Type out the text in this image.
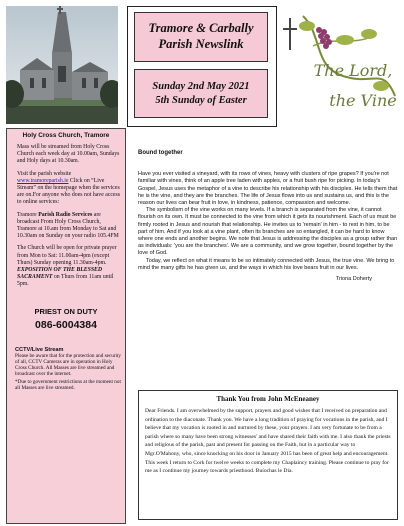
Tramore & Carbally
Parish Newslink
Sunday 2nd May 2021
5th Sunday of Easter
The Lord,
the Vine
Holy Cross Church, Tramore

Mass will be streamed from Holy Cross Church each week day at 10.00am, Sundays and Holy days at 10.30am.

Visit the parish website www.tramoreparish.ie Click on “Live Stream” on the homepage when the services are on.For anyone who does not have access to online services:

Tramore Parish Radio Services are broadcast From Holy Cross Church, Tramore at 10.am from Monday to Sat and 10.30am on Sunday on your radio 105.4FM

The Church will be open for private prayer from Mon to Sat: 11.00am-4pm (except Thurs) Sunday opening 11.30am-4pm. EXPOSITION OF THE BLESSED SACRAMENT on Thurs from 11am until 5pm.

PRIEST ON DUTY
086-6004384
CCTV/Live Stream

Please be aware that for the protection and security of all, CCTV Cameras are in operation in Holy Cross Church. All Masses are live streamed and broadcast over the internet.

*Due to government restrictions at the moment not all Masses are live streamed.

Bound together

Have you ever visited a vineyard, with its rows of vines, heavy with clusters of ripe grapes? If you're not familiar with vines, think of an apple tree laden with apples, or a fruit bush ripe for picking. In today's Gospel, Jesus uses the metaphor of a vine to describe his relationship with his disciples. He tells them that he is the vine, and they are the branches. The life of Jesus flows into us and sustains us, and this is the reason our lives can bear fruit in love, in kindness, patience, compassion and welcome.

The symbolism of the vine works on many levels. If a branch is separated from the vine, it cannot flourish on its own. It must be connected to the vine from which it gets its nourishment. Each of us must be firmly rooted in Jesus and nourish that relationship. He invites us to 'remain' in him - to rest in him, to be part of him. And if you look at a vine plant, often its branches are so entangled, it can be hard to know where one ends and another begins. We note that Jesus is addressing the disciples as a group rather than as individuals: 'you are the branches'. We are a community, and we grow together, bound together by the love of God.

Today, we reflect on what it means to be so intimately connected with Jesus, the true vine. We bring to mind the many gifts he has given us, and the ways in which his love bears fruit in our lives.

Triona Doherty
Thank You from John McEneaney
Dear Friends. I am overwhelmed by the support, prayers and good wishes that I received on preparation and ordination to the diaconate. Thank you. We have a long tradition of praying for vocations in the parish, and I believe that my vocation is rooted in and nurtured by these, your prayers. I am very fortunate to be from a parish where so many have been strong witnesses' and have shared their faith with me. I also thank the priests and religious of the parish, past and present for passing on the Faith, but in a particular way to Mgr.O'Mahony, who, since knocking on his door in January 2015 has been of great help and encouragement. This week I return to Cork for twelve weeks to complete my Chaplaincy training. Please continue to pray for me as I continue my journey towards priesthood. Buíochas le Dia.
